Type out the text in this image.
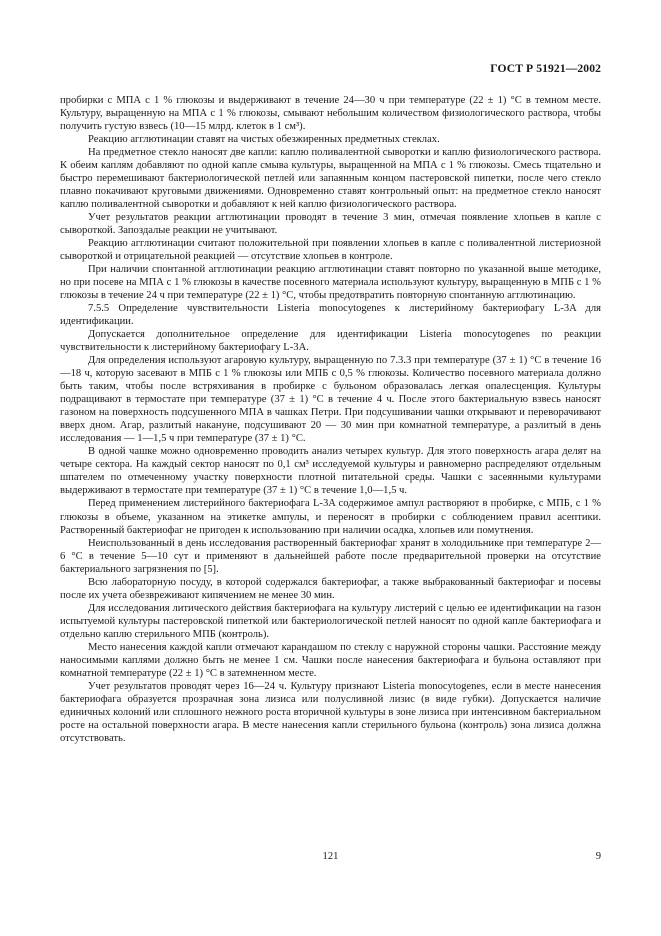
ГОСТ Р 51921—2002

пробирки с МПА с 1 % глюкозы и выдерживают в течение 24—30 ч при температуре (22 ± 1) °С в темном месте. Культуру, выращенную на МПА с 1 % глюкозы, смывают небольшим количеством физиологического раствора, чтобы получить густую взвесь (10—15 млрд. клеток в 1 см³).

Реакцию агглютинации ставят на чистых обезжиренных предметных стеклах.

На предметное стекло наносят две капли: каплю поливалентной сыворотки и каплю физиологического раствора. К обеим каплям добавляют по одной капле смыва культуры, выращенной на МПА с 1 % глюкозы. Смесь тщательно и быстро перемешивают бактериологической петлей или запаянным концом пастеровской пипетки, после чего стекло плавно покачивают круговыми движениями. Одновременно ставят контрольный опыт: на предметное стекло наносят каплю поливалентной сыворотки и добавляют к ней каплю физиологического раствора.

Учет результатов реакции агглютинации проводят в течение 3 мин, отмечая появление хлопьев в капле с сывороткой. Запоздалые реакции не учитывают.

Реакцию агглютинации считают положительной при появлении хлопьев в капле с поливалентной листериозной сывороткой и отрицательной реакцией — отсутствие хлопьев в контроле.

При наличии спонтанной агглютинации реакцию агглютинации ставят повторно по указанной выше методике, но при посеве на МПА с 1 % глюкозы в качестве посевного материала используют культуру, выращенную в МПБ с 1 % глюкозы в течение 24 ч при температуре (22 ± 1) °С, чтобы предотвратить повторную спонтанную агглютинацию.

7.5.5 Определение чувствительности Listeria monocytogenes к листерийному бактериофагу L-3A для идентификации.

Допускается дополнительное определение для идентификации Listeria monocytogenes по реакции чувствительности к листерийному бактериофагу L-3A.

Для определения используют агаровую культуру, выращенную по 7.3.3 при температуре (37 ± 1) °С в течение 16—18 ч, которую засевают в МПБ с 1 % глюкозы или МПБ с 0,5 % глюкозы. Количество посевного материала должно быть таким, чтобы после встряхивания в пробирке с бульоном образовалась легкая опалесценция. Культуры подращивают в термостате при температуре (37 ± 1) °С в течение 4 ч. После этого бактериальную взвесь наносят газоном на поверхность подсушенного МПА в чашках Петри. При подсушивании чашки открывают и переворачивают вверх дном. Агар, разлитый накануне, подсушивают 20 — 30 мин при комнатной температуре, а разлитый в день исследования — 1—1,5 ч при температуре (37 ± 1) °С.

В одной чашке можно одновременно проводить анализ четырех культур. Для этого поверхность агара делят на четыре сектора. На каждый сектор наносят по 0,1 см³ исследуемой культуры и равномерно распределяют отдельным шпателем по отмеченному участку поверхности плотной питательной среды. Чашки с засеянными культурами выдерживают в термостате при температуре (37 ± 1) °С в течение 1,0—1,5 ч.

Перед применением листерийного бактериофага L-3A содержимое ампул растворяют в пробирке, с МПБ, с 1 % глюкозы в объеме, указанном на этикетке ампулы, и переносят в пробирки с соблюдением правил асептики. Растворенный бактериофаг не пригоден к использованию при наличии осадка, хлопьев или помутнения.

Неиспользованный в день исследования растворенный бактериофаг хранят в холодильнике при температуре 2—6 °С в течение 5—10 сут и применяют в дальнейшей работе после предварительной проверки на отсутствие бактериального загрязнения по [5].

Всю лабораторную посуду, в которой содержался бактериофаг, а также выбракованный бактериофаг и посевы после их учета обезвреживают кипячением не менее 30 мин.

Для исследования литического действия бактериофага на культуру листерий с целью ее идентификации на газон испытуемой культуры пастеровской пипеткой или бактериологической петлей наносят по одной капле бактериофага и отдельно каплю стерильного МПБ (контроль).

Место нанесения каждой капли отмечают карандашом по стеклу с наружной стороны чашки. Расстояние между наносимыми каплями должно быть не менее 1 см. Чашки после нанесения бактериофага и бульона оставляют при комнатной температуре (22 ± 1) °С в затемненном месте.

Учет результатов проводят через 16—24 ч. Культуру признают Listeria monocytogenes, если в месте нанесения бактериофага образуется прозрачная зона лизиса или полусливной лизис (в виде губки). Допускается наличие единичных колоний или сплошного нежного роста вторичной культуры в зоне лизиса при интенсивном бактериальном росте на остальной поверхности агара. В месте нанесения капли стерильного бульона (контроль) зона лизиса должна отсутствовать.

121	9
